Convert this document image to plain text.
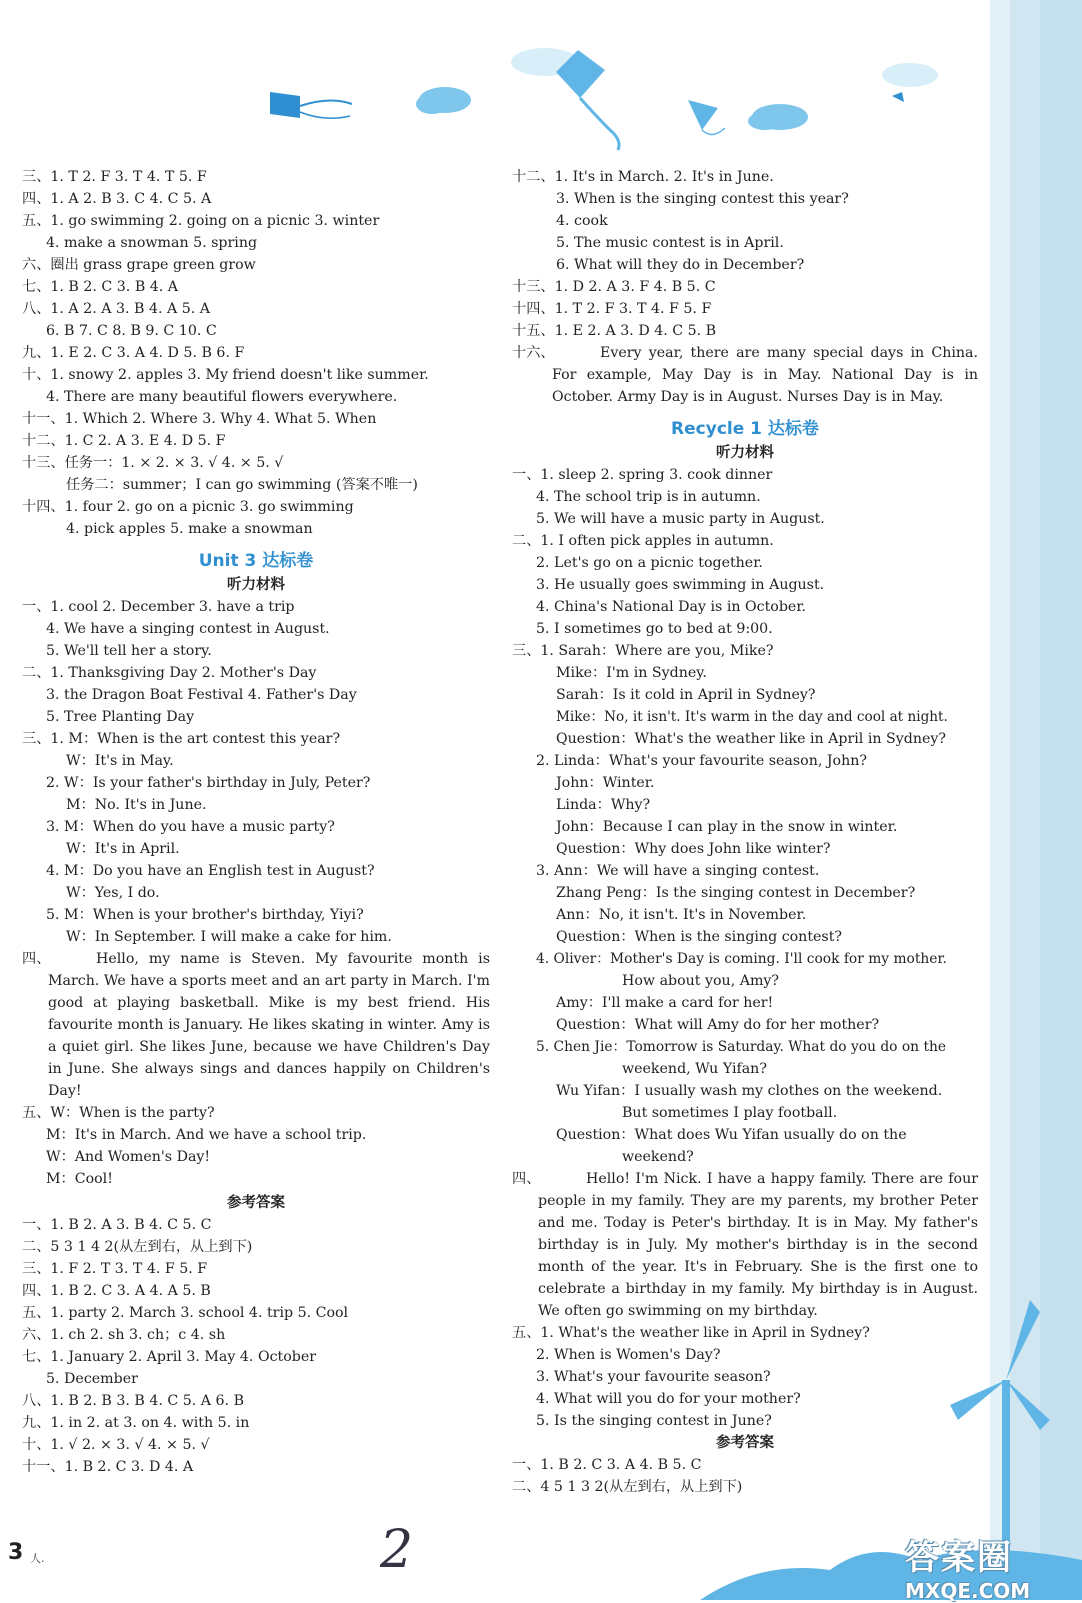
三、1. T 2. F 3. T 4. T 5. F
四、1. A 2. B 3. C 4. C 5. A
五、1. go swimming 2. going on a picnic 3. winter
4. make a snowman 5. spring
六、圈出 grass grape green grow
七、1. B 2. C 3. B 4. A
八、1. A 2. A 3. B 4. A 5. A
6. B 7. C 8. B 9. C 10. C
九、1. E 2. C 3. A 4. D 5. B 6. F
十、1. snowy 2. apples 3. My friend doesn't like summer.
4. There are many beautiful flowers everywhere.
十一、1. Which 2. Where 3. Why 4. What 5. When
十二、1. C 2. A 3. E 4. D 5. F
十三、任务一：1. × 2. × 3. √ 4. × 5. √
任务二：summer；I can go swimming (答案不唯一)
十四、1. four 2. go on a picnic 3. go swimming
4. pick apples 5. make a snowman
Unit 3 达标卷
听力材料
一、1. cool 2. December 3. have a trip
4. We have a singing contest in August.
5. We'll tell her a story.
二、1. Thanksgiving Day 2. Mother's Day
3. the Dragon Boat Festival 4. Father's Day
5. Tree Planting Day
三、1. M：When is the art contest this year?
W：It's in May.
2. W：Is your father's birthday in July, Peter?
M：No. It's in June.
3. M：When do you have a music party?
W：It's in April.
4. M：Do you have an English test in August?
W：Yes, I do.
5. M：When is your brother's birthday, Yiyi?
W：In September. I will make a cake for him.
四、	Hello, my name is Steven. My favourite month is March. We have a sports meet and an art party in March. I'm good at playing basketball. Mike is my best friend. His favourite month is January. He likes skating in winter. Amy is a quiet girl. She likes June, because we have Children's Day in June. She always sings and dances happily on Children's Day!
五、W：When is the party?
M：It's in March. And we have a school trip.
W：And Women's Day!
M：Cool!
参考答案
一、1. B 2. A 3. B 4. C 5. C
二、5 3 1 4 2(从左到右，从上到下)
三、1. F 2. T 3. T 4. F 5. F
四、1. B 2. C 3. A 4. A 5. B
五、1. party 2. March 3. school 4. trip 5. Cool
六、1. ch 2. sh 3. ch；c 4. sh
七、1. January 2. April 3. May 4. October
5. December
八、1. B 2. B 3. B 4. C 5. A 6. B
九、1. in 2. at 3. on 4. with 5. in
十、1. √ 2. × 3. √ 4. × 5. √
十一、1. B 2. C 3. D 4. A
十二、1. It's in March. 2. It's in June.
3. When is the singing contest this year?
4. cook
5. The music contest is in April.
6. What will they do in December?
十三、1. D 2. A 3. F 4. B 5. C
十四、1. T 2. F 3. T 4. F 5. F
十五、1. E 2. A 3. D 4. C 5. B
十六、	Every year, there are many special days in China. For example, May Day is in May. National Day is in October. Army Day is in August. Nurses Day is in May.
Recycle 1 达标卷
听力材料
一、1. sleep 2. spring 3. cook dinner
4. The school trip is in autumn.
5. We will have a music party in August.
二、1. I often pick apples in autumn.
2. Let's go on a picnic together.
3. He usually goes swimming in August.
4. China's National Day is in October.
5. I sometimes go to bed at 9:00.
三、1. Sarah：Where are you, Mike?
Mike：I'm in Sydney.
Sarah：Is it cold in April in Sydney?
Mike：No, it isn't. It's warm in the day and cool at night.
Question：What's the weather like in April in Sydney?
2. Linda：What's your favourite season, John?
John：Winter.
Linda：Why?
John：Because I can play in the snow in winter.
Question：Why does John like winter?
3. Ann：We will have a singing contest.
Zhang Peng：Is the singing contest in December?
Ann：No, it isn't. It's in November.
Question：When is the singing contest?
4. Oliver：Mother's Day is coming. I'll cook for my mother.
How about you, Amy?
Amy：I'll make a card for her!
Question：What will Amy do for her mother?
5. Chen Jie：Tomorrow is Saturday. What do you do on the
weekend, Wu Yifan?
Wu Yifan：I usually wash my clothes on the weekend.
But sometimes I play football.
Question：What does Wu Yifan usually do on the
weekend?
四、	Hello! I'm Nick. I have a happy family. There are four people in my family. They are my parents, my brother Peter and me. Today is Peter's birthday. It is in May. My father's birthday is in July. My mother's birthday is in the second month of the year. It's in February. She is the first one to celebrate a birthday in my family. My birthday is in August. We often go swimming on my birthday.
五、1. What's the weather like in April in Sydney?
2. When is Women's Day?
3. What's your favourite season?
4. What will you do for your mother?
5. Is the singing contest in June?
参考答案
一、1. B 2. C 3. A 4. B 5. C
二、4 5 1 3 2(从左到右，从上到下)
3 人.	2	答案圈
MXQE.COM
